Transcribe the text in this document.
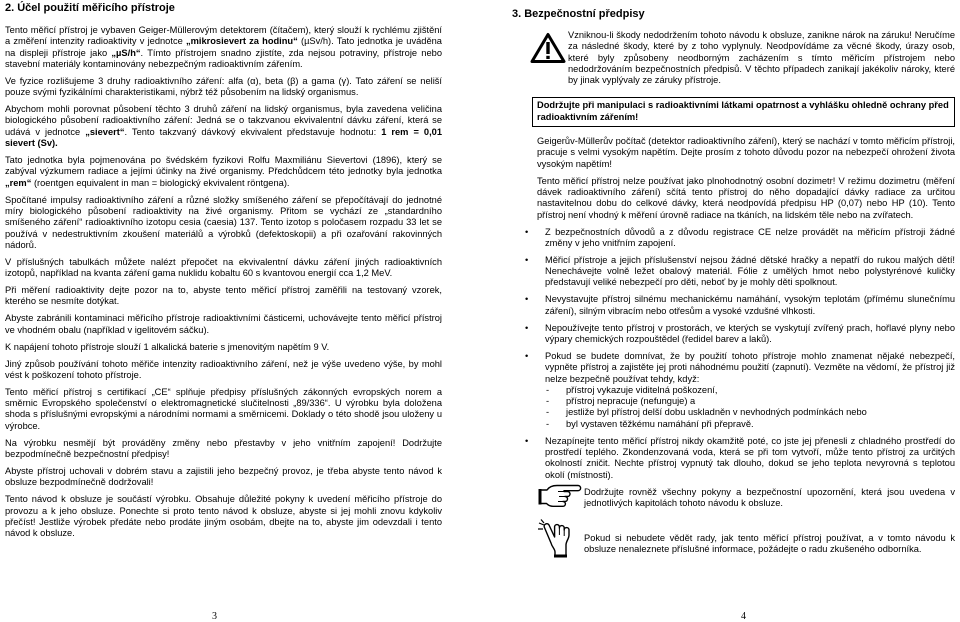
2. Účel použití měřicího přístroje

Tento měřicí přístroj je vybaven Geiger-Müllerovým detektorem (čítačem), který slouží k rychlému zjištění a změření intenzity radioaktivity v jednotce „mikrosievert za hodinu“ (µSv/h). Tato jednotka je uváděna na displeji přístroje jako „µS/h“. Tímto přístrojem snadno zjistíte, zda nejsou potraviny, přístroje nebo stavební materiály kontaminovány nebezpečným radioaktivním zářením.

Ve fyzice rozlišujeme 3 druhy radioaktivního záření: alfa (α), beta (β) a gama (γ). Tato záření se neliší pouze svými fyzikálními charakteristikami, nýbrž též působením na lidský organismus.

Abychom mohli porovnat působení těchto 3 druhů záření na lidský organismus, byla zavedena veličina biologického působení radioaktivního záření: Jedná se o takzvanou ekvivalentní dávku záření, která se udává v jednotce „sievert“. Tento takzvaný dávkový ekvivalent představuje hodnotu: 1 rem = 0,01 sievert (Sv).

Tato jednotka byla pojmenována po švédském fyzikovi Rolfu Maxmiliánu Sievertovi (1896), který se zabýval výzkumem radiace a jejími účinky na živé organismy. Předchůdcem této jednotky byla jednotka „rem“ (roentgen equivalent in man = biologický ekvivalent röntgena).

Spočítané impulsy radioaktivního záření a různé složky smíšeného záření se přepočítávají do jednotné míry biologického působení radioaktivity na živé organismy. Přitom se vychází ze „standardního smíšeného záření“ radioaktivního izotopu cesia (caesia) 137. Tento izotop s poločasem rozpadu 33 let se používá v nedestruktivním zkoušení materiálů a výrobků (defektoskopii) a při ozařování rakovinných nádorů.

V příslušných tabulkách můžete nalézt přepočet na ekvivalentní dávku záření jiných radioaktivních izotopů, například na kvanta záření gama nuklidu kobaltu 60 s kvantovou energií cca 1,2 MeV.

Při měření radioaktivity dejte pozor na to, abyste tento měřicí přístroj zaměřili na testovaný vzorek, kterého se nesmíte dotýkat.

Abyste zabránili kontaminaci měřicího přístroje radioaktivními částicemi, uchovávejte tento měřicí přístroj ve vhodném obalu (například v igelitovém sáčku).

K napájení tohoto přístroje slouží 1 alkalická baterie s jmenovitým napětím 9 V.

Jiný způsob používání tohoto měřiče intenzity radioaktivního záření, než je výše uvedeno výše, by mohl vést k poškození tohoto přístroje.

Tento měřicí přístroj s certifikací „CE“ splňuje předpisy příslušných zákonných evropských norem a směrnic Evropského společenství o elektromagnetické slučitelnosti „89/336“. U výrobku byla doložena shoda s příslušnými evropskými a národními normami a směrnicemi. Doklady o této shodě jsou uloženy u výrobce.

Na výrobku nesmějí být prováděny změny nebo přestavby v jeho vnitřním zapojení! Dodržujte bezpodmínečně bezpečnostní předpisy!

Abyste přístroj uchovali v dobrém stavu a zajistili jeho bezpečný provoz, je třeba abyste tento návod k obsluze bezpodmínečně dodržovali!

Tento návod k obsluze je součástí výrobku. Obsahuje důležité pokyny k uvedení měřicího přístroje do provozu a k jeho obsluze. Ponechte si proto tento návod k obsluze, abyste si jej mohli znovu kdykoliv přečíst! Jestliže výrobek předáte nebo prodáte jiným osobám, dbejte na to, abyste jim odevzdali i tento návod k obsluze.

3. Bezpečnostní předpisy

Vzniknou-li škody nedodržením tohoto návodu k obsluze, zanikne nárok na záruku! Neručíme za následné škody, které by z toho vyplynuly. Neodpovídáme za věcné škody, úrazy osob, které byly způsobeny neodborným zacházením s tímto měřicím přístrojem nebo nedodržováním bezpečnostních předpisů. V těchto případech zanikají jakékoliv nároky, které by jinak vyplývaly ze záruky přístroje.

Dodržujte při manipulaci s radioaktivními látkami opatrnost a vyhlášku ohledně ochrany před radioaktivním zářením!

Geigerův-Müllerův počítač (detektor radioaktivního záření), který se nachází v tomto měřicím přístroji, pracuje s velmi vysokým napětím. Dejte prosím z tohoto důvodu pozor na nebezpečí ohrožení života vysokým napětím!

Tento měřicí přístroj nelze používat jako plnohodnotný osobní dozimetr! V režimu dozimetru (měření dávek radioaktivního záření) sčítá tento přístroj do něho dopadající dávky radiace za určitou nastavitelnou dobu do celkové dávky, která neodpovídá předpisu HP (0,07) nebo HP (10). Tento přístroj není vhodný k měření úrovně radiace na tkáních, na lidském těle nebo na zvířatech.

• Z bezpečnostních důvodů a z důvodu registrace CE nelze provádět na měřicím přístroji žádné změny v jeho vnitřním zapojení.
• Měřicí přístroje a jejich příslušenství nejsou žádné dětské hračky a nepatří do rukou malých dětí! Nenechávejte volně ležet obalový materiál. Fólie z umělých hmot nebo polystyrénové kuličky představují veliké nebezpečí pro děti, neboť by je mohly děti spolknout.
• Nevystavujte přístroj silnému mechanickému namáhání, vysokým teplotám (přímému slunečnímu záření), silným vibracím nebo otřesům a vysoké vzdušné vlhkosti.
• Nepoužívejte tento přístroj v prostorách, ve kterých se vyskytují zvířený prach, hořlavé plyny nebo výpary chemických rozpouštědel (ředidel barev a laků).
• Pokud se budete domnívat, že by použití tohoto přístroje mohlo znamenat nějaké nebezpečí, vypněte přístroj a zajistěte jej proti náhodnému použití (zapnutí). Vezměte na vědomí, že přístroj již nelze bezpečně používat tehdy, když:
- přístroj vykazuje viditelná poškození,
- přístroj nepracuje (nefunguje) a
- jestliže byl přístroj delší dobu uskladněn v nevhodných podmínkách nebo
- byl vystaven těžkému namáhání při přepravě.
• Nezapínejte tento měřicí přístroj nikdy okamžitě poté, co jste jej přenesli z chladného prostředí do prostředí teplého. Zkondenzovaná voda, která se při tom vytvoří, může tento přístroj za určitých okolností zničit. Nechte přístroj vypnutý tak dlouho, dokud se jeho teplota nevyrovná s teplotou okolí (místnosti).

Dodržujte rovněž všechny pokyny a bezpečnostní upozornění, která jsou uvedena v jednotlivých kapitolách tohoto návodu k obsluze.

Pokud si nebudete vědět rady, jak tento měřicí přístroj používat, a v tomto návodu k obsluze nenaleznete příslušné informace, požádejte o radu zkušeného odborníka.

3	4
